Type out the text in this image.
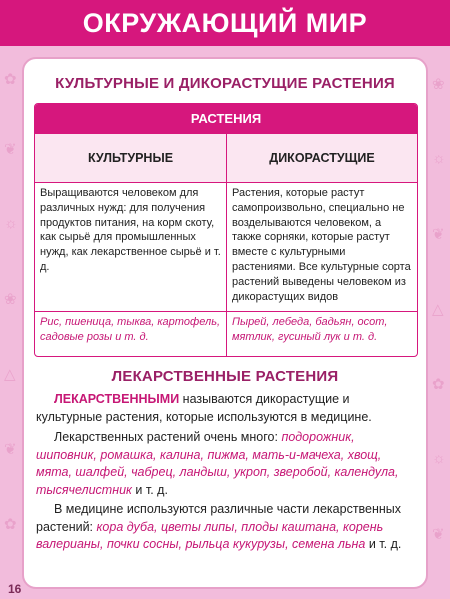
✿
❦
☼
❀
△
❦
✿
❀
☼
❦
△
✿
☼
❦
ОКРУЖАЮЩИЙ МИР
КУЛЬТУРНЫЕ И ДИКОРАСТУЩИЕ РАСТЕНИЯ
РАСТЕНИЯ
КУЛЬТУРНЫЕ
Выращиваются человеком для различных нужд: для получения продуктов питания, на корм скоту, как сырьё для промышленных нужд, как лекарственное сырьё и т. д.
Рис, пшеница, тыква, картофель, садовые розы и т. д.
ДИКОРАСТУЩИЕ
Растения, которые растут самопроизвольно, специально не возделываются человеком, а также сорняки, которые растут вместе с культурными растениями. Все культурные сорта растений выведены человеком из дикорастущих видов
Пырей, лебеда, бадьян, осот, мятлик, гусиный лук и т. д.
ЛЕКАРСТВЕННЫЕ РАСТЕНИЯ
ЛЕКАРСТВЕННЫМИ называются дикорастущие и культурные растения, которые используются в медицине.
Лекарственных растений очень много: подорожник, шиповник, ромашка, калина, пижма, мать-и-мачеха, хвощ, мята, шалфей, чабрец, ландыш, укроп, зверобой, календула, тысячелистник и т. д.
В медицине используются различные части лекарственных растений: кора дуба, цветы липы, плоды каштана, корень валерианы, почки сосны, рыльца кукурузы, семена льна и т. д.
16
